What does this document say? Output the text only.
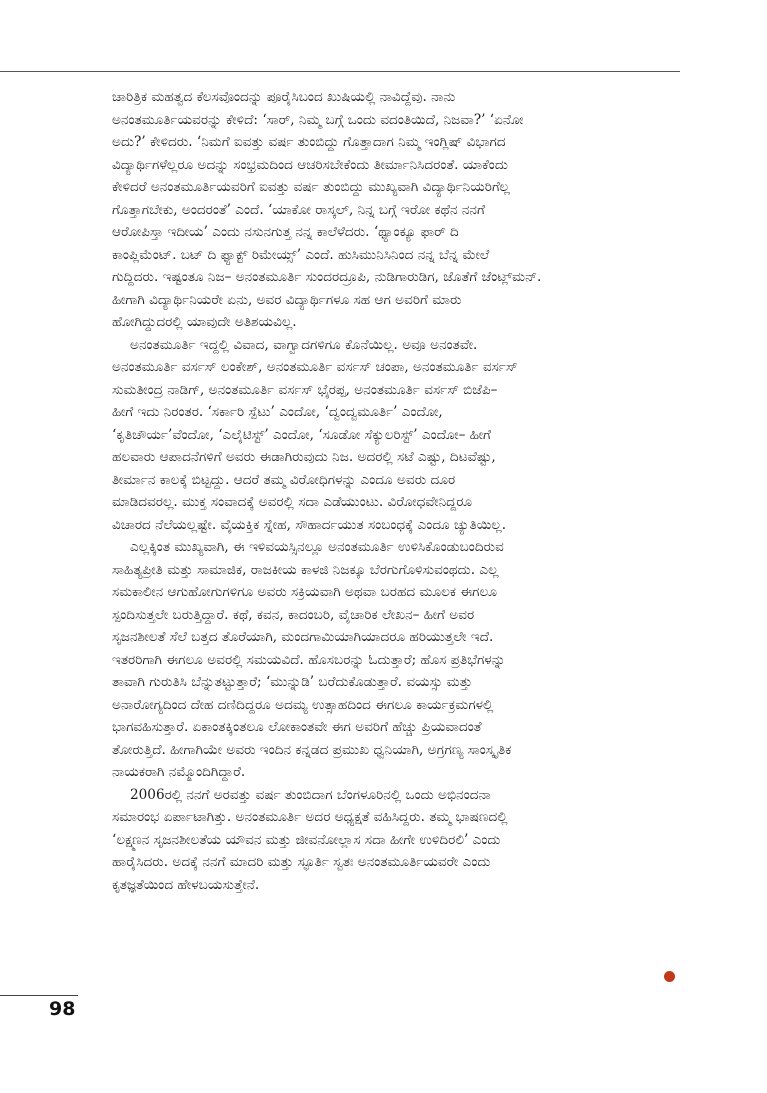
ಚಾರಿತ್ರಿಕ ಮಹತ್ವದ ಕೆಲಸವೊಂದನ್ನು ಪೂರೈಸಿಬಂದ ಖುಷಿಯಲ್ಲಿ ನಾವಿದ್ದೆವು. ನಾನು
ಅನಂತಮೂರ್ತಿಯವರನ್ನು ಕೇಳಿದೆ: ‘ಸಾರ್, ನಿಮ್ಮ ಬಗ್ಗೆ ಒಂದು ವದಂತಿಯಿದೆ, ನಿಜವಾ?’ ‘ಏನೋ
ಅದು?’ ಕೇಳಿದರು. ‘ನಿಮಗೆ ಐವತ್ತು ವರ್ಷ ತುಂಬಿದ್ದು ಗೊತ್ತಾದಾಗ ನಿಮ್ಮ ಇಂಗ್ಲಿಷ್ ವಿಭಾಗದ
ವಿದ್ಯಾರ್ಥಿಗಳೆಲ್ಲರೂ ಅದನ್ನು ಸಂಭ್ರಮದಿಂದ ಆಚರಿಸಬೇಕೆಂದು ತೀರ್ಮಾನಿಸಿದರಂತೆ. ಯಾಕೆಂದು
ಕೇಳಿದರೆ ಅನಂತಮೂರ್ತಿಯವರಿಗೆ ಐವತ್ತು ವರ್ಷ ತುಂಬಿದ್ದು ಮುಖ್ಯವಾಗಿ ವಿದ್ಯಾರ್ಥಿನಿಯರಿಗೆಲ್ಲ
ಗೊತ್ತಾಗಬೇಕು, ಅಂದರಂತೆ’ ಎಂದೆ. ‘ಯಾಕೋ ರಾಸ್ಕಲ್, ನಿನ್ನ ಬಗ್ಗೆ ಇರೋ ಕಥೆನ ನನಗೆ
ಆರೋಪಿಸ್ತಾ ಇದೀಯ’ ಎಂದು ನಸುನಗುತ್ತ ನನ್ನ ಕಾಲೆಳೆದರು. ‘ಥ್ಯಾಂಕ್ಯೂ ಫಾರ್ ದಿ
ಕಾಂಪ್ಲಿಮೆಂಟ್. ಬಟ್ ದಿ ಫ್ಯಾಕ್ಟ್ ರಿಮೇಯ್ಸ್’ ಎಂದೆ. ಹುಸಿಮುನಿಸಿನಿಂದ ನನ್ನ ಬೆನ್ನ ಮೇಲೆ
ಗುದ್ದಿದರು. ಇಷ್ಟಂತೂ ನಿಜ– ಅನಂತಮೂರ್ತಿ ಸುಂದರದ್ರೂಪಿ, ನುಡಿಗಾರುಡಿಗ, ಜೊತೆಗೆ ಜೆಂಟ್ಲ್‌ಮನ್.
ಹೀಗಾಗಿ ವಿದ್ಯಾರ್ಥಿನಿಯರೇ ಏನು, ಅವರ ವಿದ್ಯಾರ್ಥಿಗಳೂ ಸಹ ಆಗ ಅವರಿಗೆ ಮಾರು
ಹೋಗಿದ್ದುದರಲ್ಲಿ ಯಾವುದೇ ಅತಿಶಯವಿಲ್ಲ.
ಅನಂತಮೂರ್ತಿ ಇದ್ದಲ್ಲಿ ವಿವಾದ, ವಾಗ್ವಾದಗಳಿಗೂ ಕೊನೆಯಿಲ್ಲ. ಅವೂ ಅನಂತವೇ.
ಅನಂತಮೂರ್ತಿ ವರ್ಸಸ್ ಲಂಕೇಶ್, ಅನಂತಮೂರ್ತಿ ವರ್ಸಸ್ ಚಂಪಾ, ಅನಂತಮೂರ್ತಿ ವರ್ಸಸ್
ಸುಮತೀಂದ್ರ ನಾಡಿಗ್, ಅನಂತಮೂರ್ತಿ ವರ್ಸಸ್ ಭೈರಪ್ಪ, ಅನಂತಮೂರ್ತಿ ವರ್ಸಸ್ ಬಿಜೆಪಿ–
ಹೀಗೆ ಇದು ನಿರಂತರ. ‘ಸರ್ಕಾರಿ ಸ್ಪೆಟು’ ಎಂದೋ, ‘ದ್ವಂದ್ವಮೂರ್ತಿ’ ಎಂದೋ,
‘ಕೃತಿಚೌರ್ಯ’ವೆಂದೋ, ‘ಎಲೈಟಿಸ್ಟ್’ ಎಂದೋ, ‘ಸೂಡೋ ಸೆಕ್ಯುಲರಿಸ್ಟ್’ ಎಂದೋ– ಹೀಗೆ
ಹಲವಾರು ಆಪಾದನೆಗಳಿಗೆ ಅವರು ಈಡಾಗಿರುವುದು ನಿಜ. ಅದರಲ್ಲಿ ಸಟೆ ಎಷ್ಟು, ದಿಟವೆಷ್ಟು,
ತೀರ್ಮಾನ ಕಾಲಕ್ಕೆ ಬಿಟ್ಟದ್ದು. ಆದರೆ ತಮ್ಮ ವಿರೋಧಿಗಳನ್ನು ಎಂದೂ ಅವರು ದೂರ
ಮಾಡಿದವರಲ್ಲ. ಮುಕ್ತ ಸಂವಾದಕ್ಕೆ ಅವರಲ್ಲಿ ಸದಾ ಎಡೆಯುಂಟು. ವಿರೋಧವೇನಿದ್ದರೂ
ವಿಚಾರದ ನೆಲೆಯಲ್ಲಷ್ಟೇ. ವೈಯಕ್ತಿಕ ಸ್ನೇಹ, ಸೌಹಾರ್ದಯುತ ಸಂಬಂಧಕ್ಕೆ ಎಂದೂ ಚ್ಯುತಿಯಿಲ್ಲ.
ಎಲ್ಲಕ್ಕಿಂತ ಮುಖ್ಯವಾಗಿ, ಈ ಇಳಿವಯಸ್ಸಿನಲ್ಲೂ ಅನಂತಮೂರ್ತಿ ಉಳಿಸಿಕೊಂಡುಬಂದಿರುವ
ಸಾಹಿತ್ಯಪ್ರೀತಿ ಮತ್ತು ಸಾಮಾಜಿಕ, ರಾಜಕೀಯ ಕಾಳಜಿ ನಿಜಕ್ಕೂ ಬೆರಗುಗೊಳಿಸುವಂಥದು. ಎಲ್ಲ
ಸಮಕಾಲೀನ ಆಗುಹೋಗುಗಳಿಗೂ ಅವರು ಸಕ್ರಿಯವಾಗಿ ಅಥವಾ ಬರಹದ ಮೂಲಕ ಈಗಲೂ
ಸ್ಪಂದಿಸುತ್ತಲೇ ಬರುತ್ತಿದ್ದಾರೆ. ಕಥೆ, ಕವನ, ಕಾದಂಬರಿ, ವೈಚಾರಿಕ ಲೇಖನ– ಹೀಗೆ ಅವರ
ಸೃಜನಶೀಲತೆ ಸೆಲೆ ಬತ್ತದ ತೊರೆಯಾಗಿ, ಮಂದಗಾಮಿಯಾಗಿಯಾದರೂ ಹರಿಯುತ್ತಲೇ ಇದೆ.
ಇತರರಿಗಾಗಿ ಈಗಲೂ ಅವರಲ್ಲಿ ಸಮಯವಿದೆ. ಹೊಸಬರನ್ನು ಓದುತ್ತಾರೆ; ಹೊಸ ಪ್ರತಿಭೆಗಳನ್ನು
ತಾವಾಗಿ ಗುರುತಿಸಿ ಬೆನ್ನುತಟ್ಟುತ್ತಾರೆ; ‘ಮುನ್ನುಡಿ’ ಬರೆದುಕೊಡುತ್ತಾರೆ. ವಯಸ್ಸು ಮತ್ತು
ಅನಾರೋಗ್ಯದಿಂದ ದೇಹ ದಣಿದಿದ್ದರೂ ಅದಮ್ಯ ಉತ್ಸಾಹದಿಂದ ಈಗಲೂ ಕಾರ್ಯಕ್ರಮಗಳಲ್ಲಿ
ಭಾಗವಹಿಸುತ್ತಾರೆ. ಏಕಾಂತಕ್ಕಿಂತಲೂ ಲೋಕಾಂತವೇ ಈಗ ಅವರಿಗೆ ಹೆಚ್ಚು ಪ್ರಿಯವಾದಂತೆ
ತೋರುತ್ತಿದೆ. ಹೀಗಾಗಿಯೇ ಅವರು ಇಂದಿನ ಕನ್ನಡದ ಪ್ರಮುಖ ಧ್ವನಿಯಾಗಿ, ಅಗ್ರಗಣ್ಯ ಸಾಂಸ್ಕೃತಿಕ
ನಾಯಕರಾಗಿ ನಮ್ಮೊಂದಿಗಿದ್ದಾರೆ.
2006ರಲ್ಲಿ ನನಗೆ ಅರವತ್ತು ವರ್ಷ ತುಂಬಿದಾಗ ಬೆಂಗಳೂರಿನಲ್ಲಿ ಒಂದು ಅಭಿನಂದನಾ
ಸಮಾರಂಭ ಏರ್ಪಾಟಾಗಿತ್ತು. ಅನಂತಮೂರ್ತಿ ಅದರ ಅಧ್ಯಕ್ಷತೆ ವಹಿಸಿದ್ದರು. ತಮ್ಮ ಭಾಷಣದಲ್ಲಿ
‘ಲಕ್ಷ್ಮಣನ ಸೃಜನಶೀಲತೆಯ ಯೌವನ ಮತ್ತು ಜೀವನೋಲ್ಲಾಸ ಸದಾ ಹೀಗೇ ಉಳಿದಿರಲಿ’ ಎಂದು
ಹಾರೈಸಿದರು. ಅದಕ್ಕೆ ನನಗೆ ಮಾದರಿ ಮತ್ತು ಸ್ಫೂರ್ತಿ ಸ್ವತಃ ಅನಂತಮೂರ್ತಿಯವರೇ ಎಂದು
ಕೃತಜ್ಞತೆಯಿಂದ ಹೇಳಬಯಸುತ್ತೇನೆ.
98
